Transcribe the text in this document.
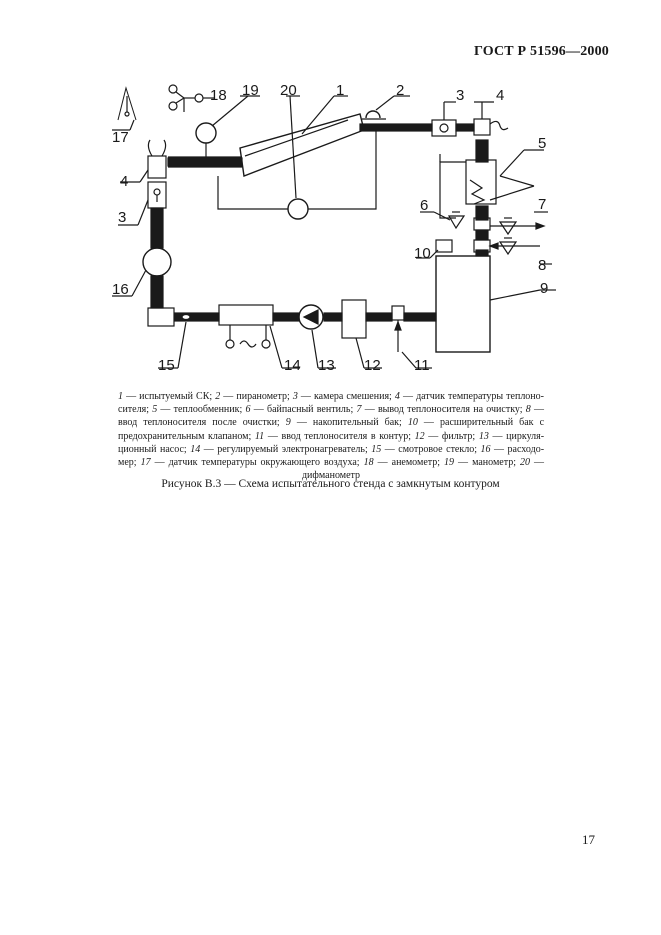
ГОСТ Р 51596—2000
1	2	3 4
5
6	7
8
9
10
11
12
13
14
15
16
17
18 19 20
3
4
1 — испытуемый СК; 2 — пиранометр; 3 — камера смешения; 4 — датчик температуры теплоносителя; 5 — теплообменник; 6 — байпасный вентиль; 7 — вывод теплоносителя на очистку; 8 — ввод теплоносителя после очистки; 9 — накопительный бак; 10 — расширительный бак с предохранительным клапаном; 11 — ввод теплоносителя в контур; 12 — фильтр; 13 — циркуляционный насос; 14 — регулируемый электронагреватель; 15 — смотровое стекло; 16 — расходомер; 17 — датчик температуры окружающего воздуха; 18 — анемометр; 19 — манометр; 20 — дифманометр
Рисунок В.3 — Схема испытательного стенда с замкнутым контуром
17
